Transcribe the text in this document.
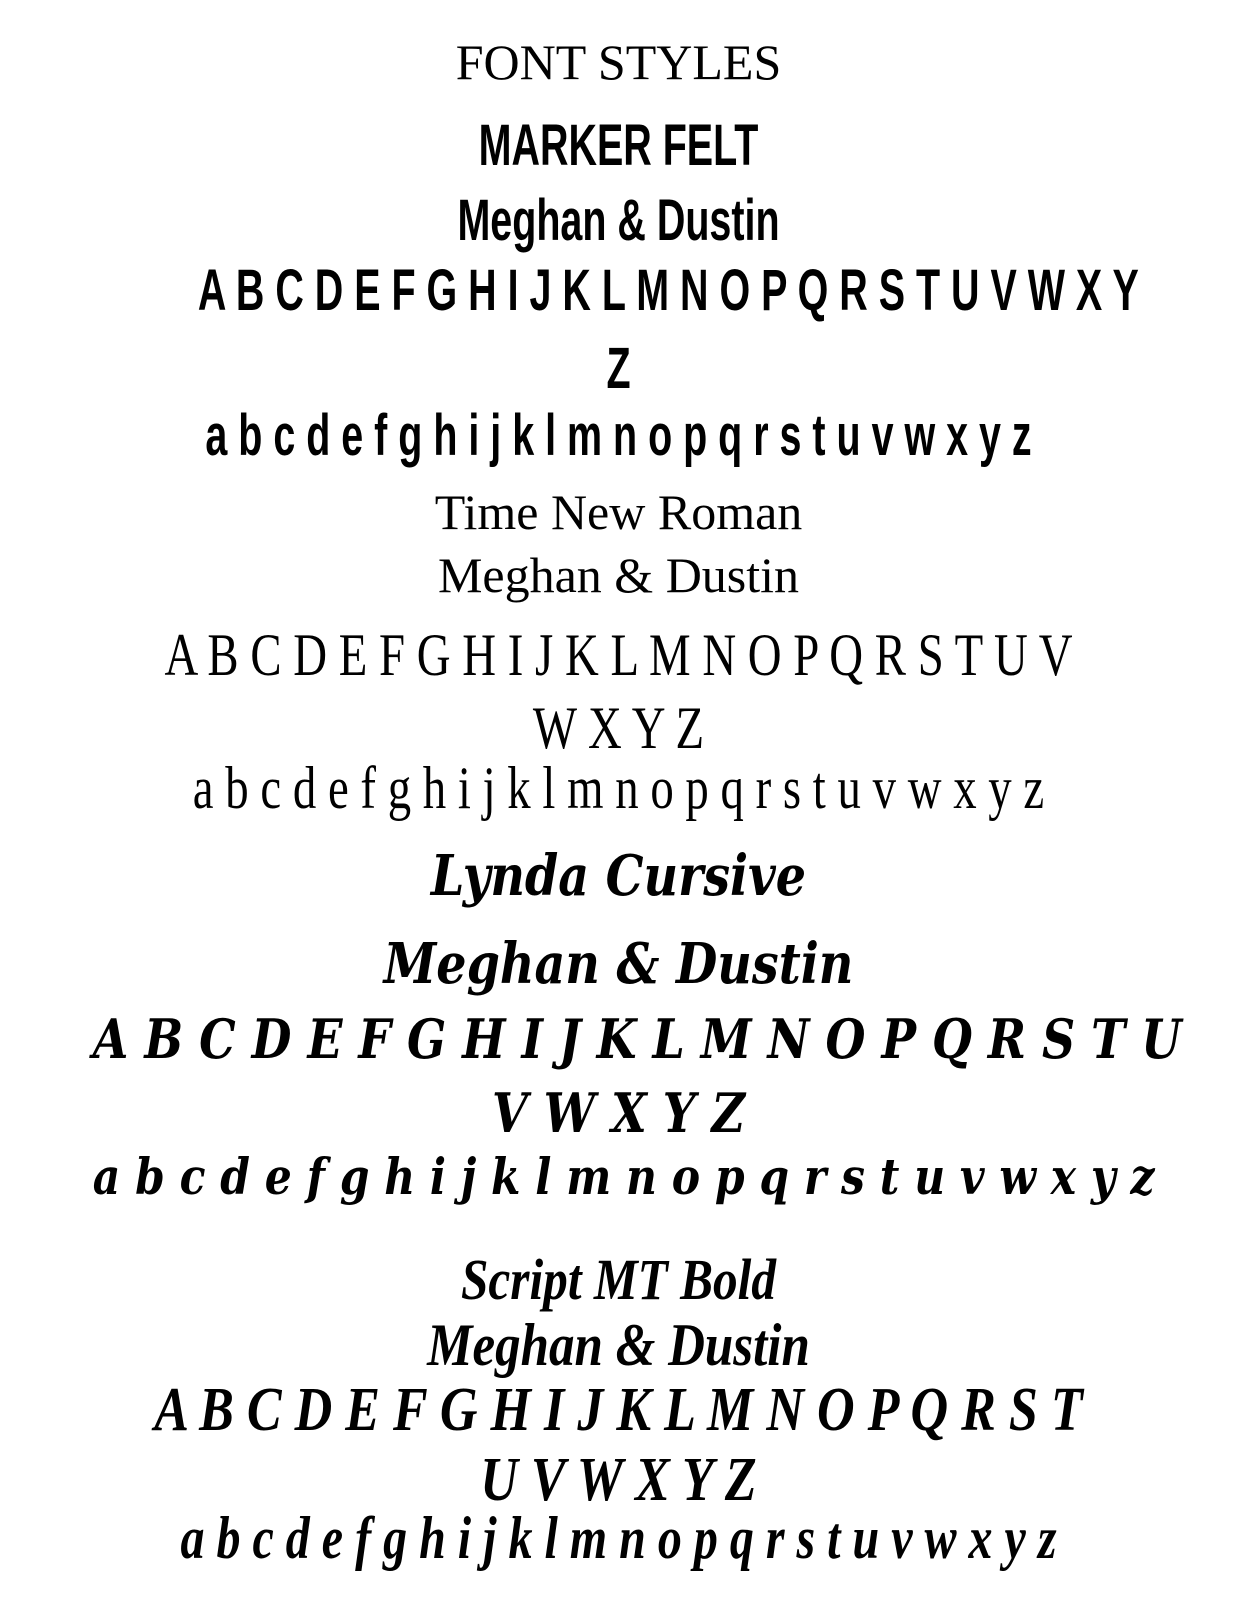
FONT STYLES
MARKER FELT
Meghan & Dustin
A B C D E F G H I J K L M N O P Q R S T U V W X Y
Z
a b c d e f g h i j k l m n o p q r s t u v w x y z
Time New Roman
Meghan & Dustin
A B C D E F G H I J K L M N O P Q R S T U V
W X Y Z
a b c d e f g h i j k l m n o p q r s t u v w x y z
Lynda Cursive
Meghan & Dustin
A B C D E F G H I J K L M N O P Q R S T U
V W X Y Z
a b c d e f g h i j k l m n o p q r s t u v w x y z
Script MT Bold
Meghan & Dustin
A B C D E F G H I J K L M N O P Q R S T
U V W X Y Z
a b c d e f g h i j k l m n o p q r s t u v w x y z
